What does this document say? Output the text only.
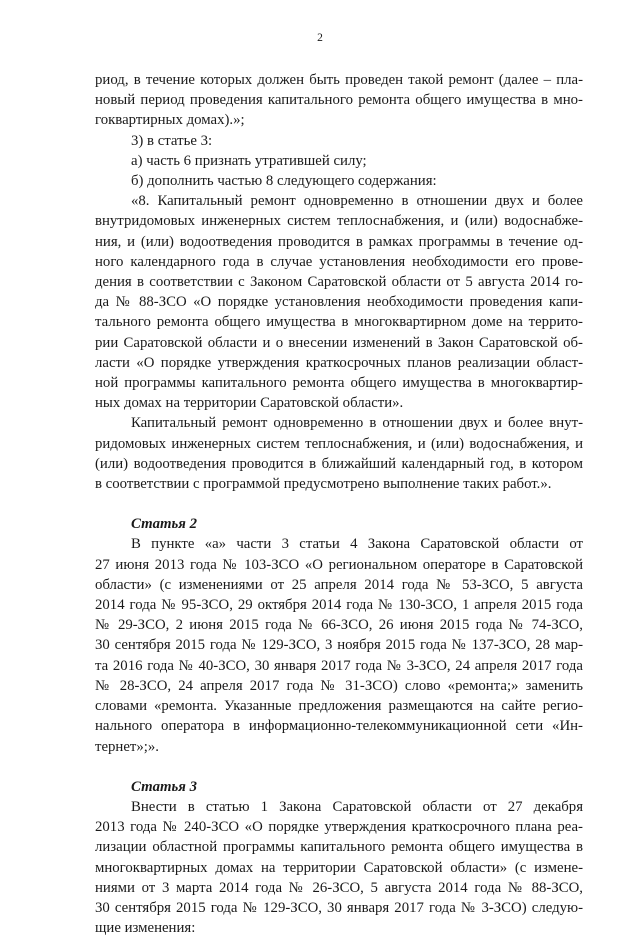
2
риод, в течение которых должен быть проведен такой ремонт (далее – пла-
новый период проведения капитального ремонта общего имущества в мно-
гоквартирных домах).»;
3) в статье 3:
а) часть 6 признать утратившей силу;
б) дополнить частью 8 следующего содержания:
«8. Капитальный ремонт одновременно в отношении двух и более
внутридомовых инженерных систем теплоснабжения, и (или) водоснабже-
ния, и (или) водоотведения проводится в рамках программы в течение од-
ного календарного года в случае установления необходимости его прове-
дения в соответствии с Законом Саратовской области от 5 августа 2014 го-
да № 88-ЗСО «О порядке установления необходимости проведения капи-
тального ремонта общего имущества в многоквартирном доме на террито-
рии Саратовской области и о внесении изменений в Закон Саратовской об-
ласти «О порядке утверждения краткосрочных планов реализации област-
ной программы капитального ремонта общего имущества в многоквартир-
ных домах на территории Саратовской области».
Капитальный ремонт одновременно в отношении двух и более внут-
ридомовых инженерных систем теплоснабжения, и (или) водоснабжения, и
(или) водоотведения проводится в ближайший календарный год, в котором
в соответствии с программой предусмотрено выполнение таких работ.».
Статья 2
В пункте «а» части 3 статьи 4 Закона Саратовской области от
27 июня 2013 года № 103-ЗСО «О региональном операторе в Саратовской
области» (с изменениями от 25 апреля 2014 года № 53-ЗСО, 5 августа
2014 года № 95-ЗСО, 29 октября 2014 года № 130-ЗСО, 1 апреля 2015 года
№ 29-ЗСО, 2 июня 2015 года № 66-ЗСО, 26 июня 2015 года № 74-ЗСО,
30 сентября 2015 года № 129-ЗСО, 3 ноября 2015 года № 137-ЗСО, 28 мар-
та 2016 года № 40-ЗСО, 30 января 2017 года № 3-ЗСО, 24 апреля 2017 года
№ 28-ЗСО, 24 апреля 2017 года № 31-ЗСО) слово «ремонта;» заменить
словами «ремонта. Указанные предложения размещаются на сайте регио-
нального оператора в информационно-телекоммуникационной сети «Ин-
тернет»;».
Статья 3
Внести в статью 1 Закона Саратовской области от 27 декабря
2013 года № 240-ЗСО «О порядке утверждения краткосрочного плана реа-
лизации областной программы капитального ремонта общего имущества в
многоквартирных домах на территории Саратовской области» (с измене-
ниями от 3 марта 2014 года № 26-ЗСО, 5 августа 2014 года № 88-ЗСО,
30 сентября 2015 года № 129-ЗСО, 30 января 2017 года № 3-ЗСО) следую-
щие изменения:
